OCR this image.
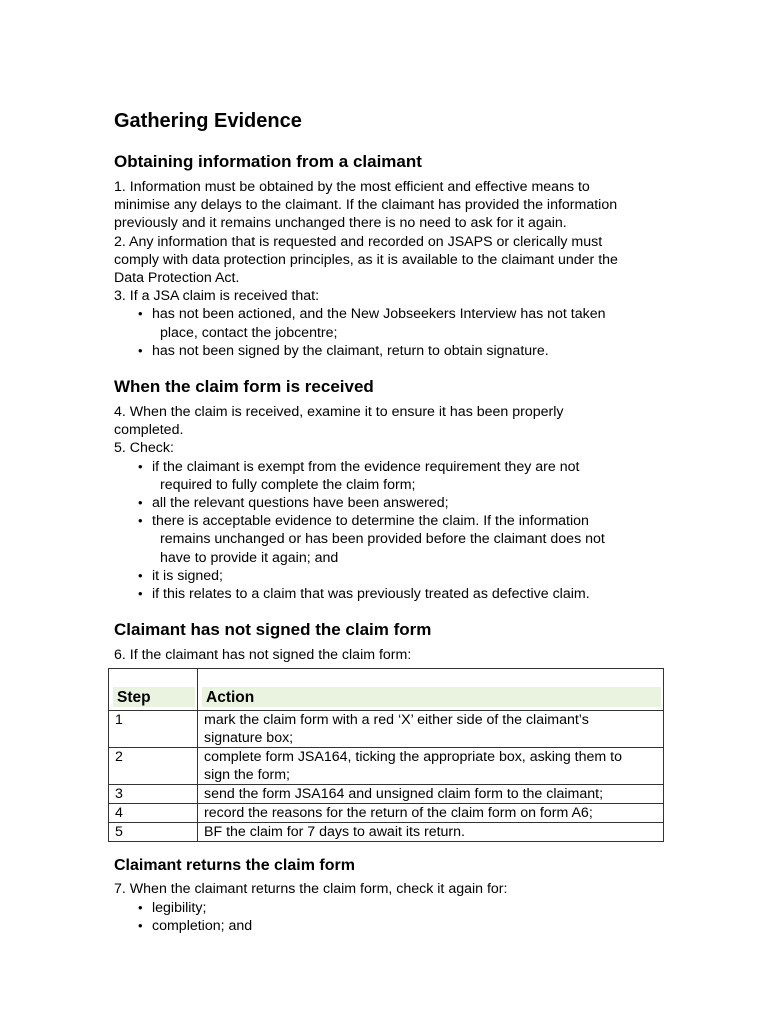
Gathering Evidence
Obtaining information from a claimant

1. Information must be obtained by the most efficient and effective means to
minimise any delays to the claimant. If the claimant has provided the information
previously and it remains unchanged there is no need to ask for it again.

2. Any information that is requested and recorded on JSAPS or clerically must
comply with data protection principles, as it is available to the claimant under the
Data Protection Act.

3. If a JSA claim is received that:

• has not been actioned, and the New Jobseekers Interview has not taken
place, contact the jobcentre;
• has not been signed by the claimant, return to obtain signature.
When the claim form is received

4. When the claim is received, examine it to ensure it has been properly
completed.

5. Check:

• if the claimant is exempt from the evidence requirement they are not
required to fully complete the claim form;
• all the relevant questions have been answered;
• there is acceptable evidence to determine the claim. If the information
remains unchanged or has been provided before the claimant does not
have to provide it again; and
• it is signed;
• if this relates to a claim that was previously treated as defective claim.
Claimant has not signed the claim form

6. If the claimant has not signed the claim form:

Step	Action

1	mark the claim form with a red ‘X’ either side of the claimant’s
signature box;
2	complete form JSA164, ticking the appropriate box, asking them to
sign the form;
3	send the form JSA164 and unsigned claim form to the claimant;
4	record the reasons for the return of the claim form on form A6;
5	BF the claim for 7 days to await its return.
Claimant returns the claim form

7. When the claimant returns the claim form, check it again for:

• legibility;
• completion; and
